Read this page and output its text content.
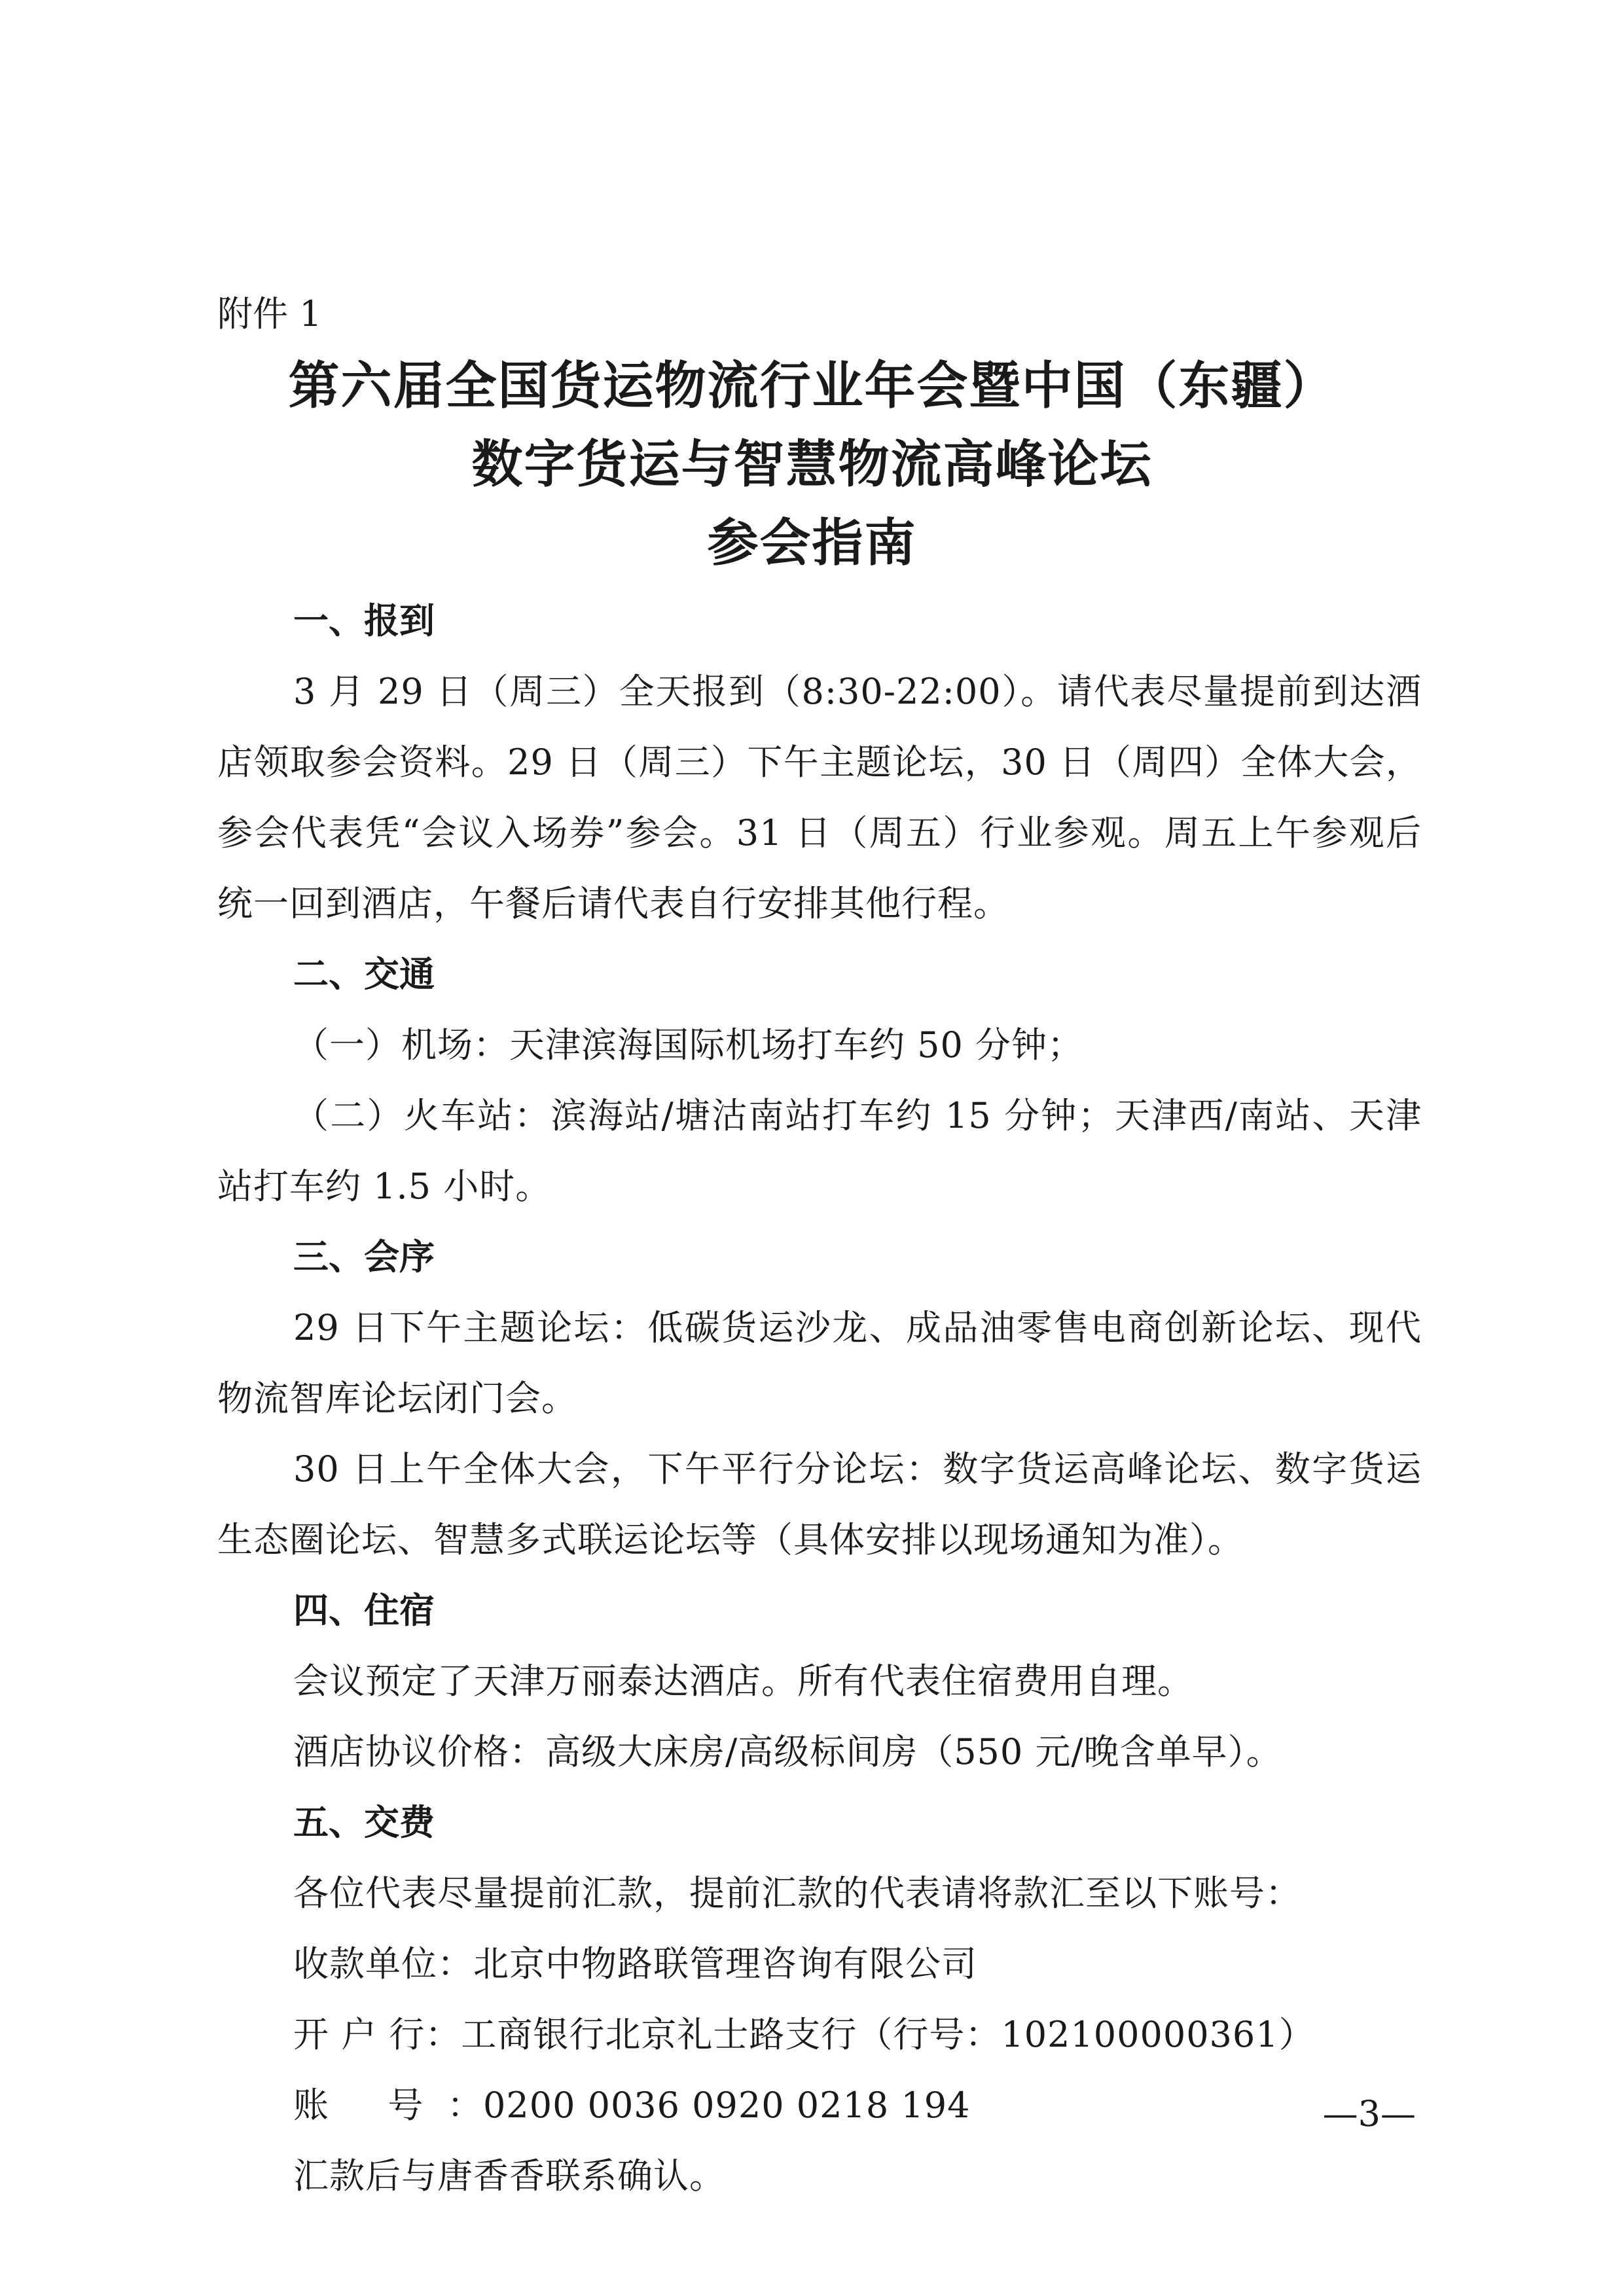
附件 1
第六届全国货运物流行业年会暨中国（东疆）
数字货运与智慧物流高峰论坛
参会指南

一、报到

3 月 29 日（周三）全天报到（8:30-22:00）。请代表尽量提前到达酒店领取参会资料。29 日（周三）下午主题论坛，30 日（周四）全体大会，参会代表凭“会议入场券”参会。31 日（周五）行业参观。周五上午参观后统一回到酒店，午餐后请代表自行安排其他行程。

二、交通

（一）机场：天津滨海国际机场打车约 50 分钟；

（二）火车站：滨海站/塘沽南站打车约 15 分钟；天津西/南站、天津站打车约 1.5 小时。

三、会序

29 日下午主题论坛：低碳货运沙龙、成品油零售电商创新论坛、现代物流智库论坛闭门会。

30 日上午全体大会，下午平行分论坛：数字货运高峰论坛、数字货运生态圈论坛、智慧多式联运论坛等（具体安排以现场通知为准）。

四、住宿

会议预定了天津万丽泰达酒店。所有代表住宿费用自理。

酒店协议价格：高级大床房/高级标间房（550 元/晚含单早）。

五、交费

各位代表尽量提前汇款，提前汇款的代表请将款汇至以下账号：

收款单位： 北京中物路联管理咨询有限公司

开 户 行： 工商银行北京礼士路支行（行号：102100000361）

账 号： 0200 0036 0920 0218 194

汇款后与唐香香联系确认。

—3—
